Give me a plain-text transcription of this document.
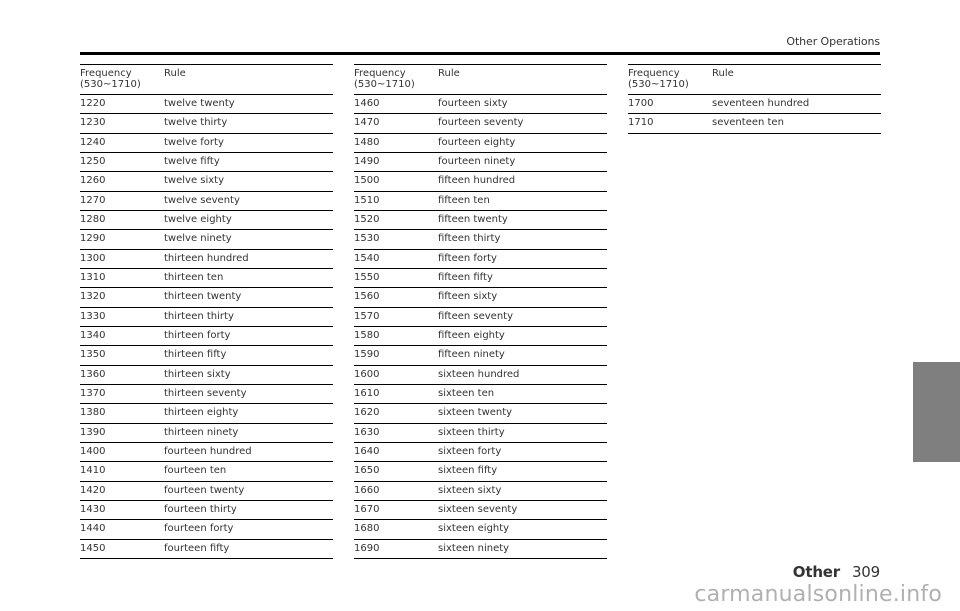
Other Operations
Frequency
(530~1710)
Rule
1220	twelve twenty
1230	twelve thirty
1240	twelve forty
1250	twelve fifty
1260	twelve sixty
1270	twelve seventy
1280	twelve eighty
1290	twelve ninety
1300	thirteen hundred
1310	thirteen ten
1320	thirteen twenty
1330	thirteen thirty
1340	thirteen forty
1350	thirteen fifty
1360	thirteen sixty
1370	thirteen seventy
1380	thirteen eighty
1390	thirteen ninety
1400	fourteen hundred
1410	fourteen ten
1420	fourteen twenty
1430	fourteen thirty
1440	fourteen forty
1450	fourteen fifty
Frequency
(530~1710)
Rule
1460	fourteen sixty
1470	fourteen seventy
1480	fourteen eighty
1490	fourteen ninety
1500	fifteen hundred
1510	fifteen ten
1520	fifteen twenty
1530	fifteen thirty
1540	fifteen forty
1550	fifteen fifty
1560	fifteen sixty
1570	fifteen seventy
1580	fifteen eighty
1590	fifteen ninety
1600	sixteen hundred
1610	sixteen ten
1620	sixteen twenty
1630	sixteen thirty
1640	sixteen forty
1650	sixteen fifty
1660	sixteen sixty
1670	sixteen seventy
1680	sixteen eighty
1690	sixteen ninety
Frequency
(530~1710)
Rule
1700	seventeen hundred
1710	seventeen ten
Other 309
carmanualsonline.info
